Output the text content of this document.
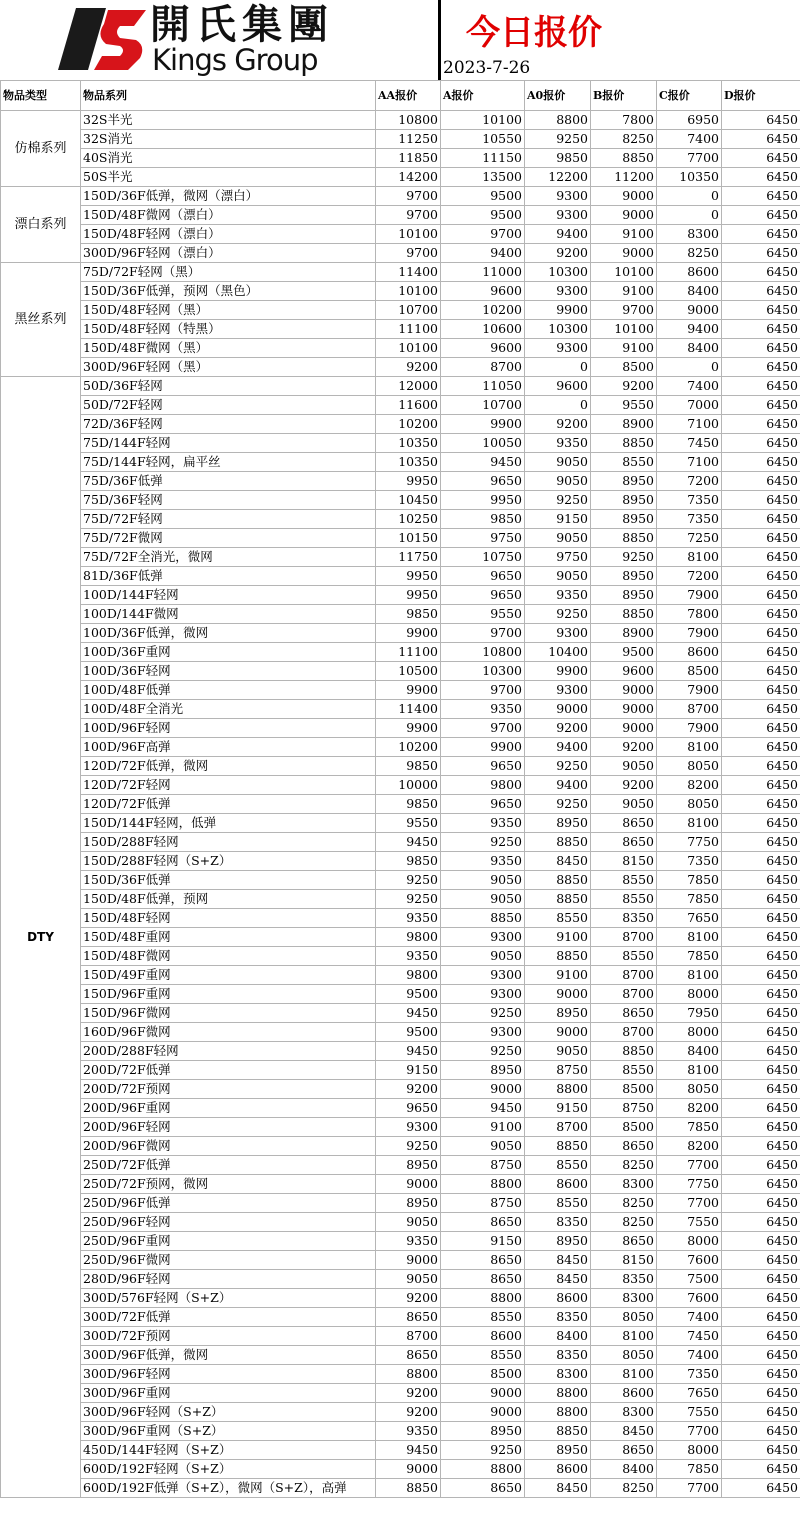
開氏集團
Kings Group
今日报价
2023-7-26
物品类型	物品系列	AA报价	A报价	A0报价	B报价	C报价	D报价
仿棉系列	32S半光	10800	10100	8800	7800	6950	6450
	32S消光	11250	10550	9250	8250	7400	6450
	40S消光	11850	11150	9850	8850	7700	6450
	50S半光	14200	13500	12200	11200	10350	6450
漂白系列	150D/36F低弹，微网（漂白）	9700	9500	9300	9000	0	6450
	150D/48F微网（漂白）	9700	9500	9300	9000	0	6450
	150D/48F轻网（漂白）	10100	9700	9400	9100	8300	6450
	300D/96F轻网（漂白）	9700	9400	9200	9000	8250	6450
黑丝系列	75D/72F轻网（黑）	11400	11000	10300	10100	8600	6450
	150D/36F低弹，预网（黑色）	10100	9600	9300	9100	8400	6450
	150D/48F轻网（黑）	10700	10200	9900	9700	9000	6450
	150D/48F轻网（特黑）	11100	10600	10300	10100	9400	6450
	150D/48F微网（黑）	10100	9600	9300	9100	8400	6450
	300D/96F轻网（黑）	9200	8700	0	8500	0	6450
DTY	50D/36F轻网	12000	11050	9600	9200	7400	6450
	50D/72F轻网	11600	10700	0	9550	7000	6450
	72D/36F轻网	10200	9900	9200	8900	7100	6450
	75D/144F轻网	10350	10050	9350	8850	7450	6450
	75D/144F轻网，扁平丝	10350	9450	9050	8550	7100	6450
	75D/36F低弹	9950	9650	9050	8950	7200	6450
	75D/36F轻网	10450	9950	9250	8950	7350	6450
	75D/72F轻网	10250	9850	9150	8950	7350	6450
	75D/72F微网	10150	9750	9050	8850	7250	6450
	75D/72F全消光，微网	11750	10750	9750	9250	8100	6450
	81D/36F低弹	9950	9650	9050	8950	7200	6450
	100D/144F轻网	9950	9650	9350	8950	7900	6450
	100D/144F微网	9850	9550	9250	8850	7800	6450
	100D/36F低弹，微网	9900	9700	9300	8900	7900	6450
	100D/36F重网	11100	10800	10400	9500	8600	6450
	100D/36F轻网	10500	10300	9900	9600	8500	6450
	100D/48F低弹	9900	9700	9300	9000	7900	6450
	100D/48F全消光	11400	9350	9000	9000	8700	6450
	100D/96F轻网	9900	9700	9200	9000	7900	6450
	100D/96F高弹	10200	9900	9400	9200	8100	6450
	120D/72F低弹，微网	9850	9650	9250	9050	8050	6450
	120D/72F轻网	10000	9800	9400	9200	8200	6450
	120D/72F低弹	9850	9650	9250	9050	8050	6450
	150D/144F轻网，低弹	9550	9350	8950	8650	8100	6450
	150D/288F轻网	9450	9250	8850	8650	7750	6450
	150D/288F轻网（S+Z）	9850	9350	8450	8150	7350	6450
	150D/36F低弹	9250	9050	8850	8550	7850	6450
	150D/48F低弹，预网	9250	9050	8850	8550	7850	6450
	150D/48F轻网	9350	8850	8550	8350	7650	6450
	150D/48F重网	9800	9300	9100	8700	8100	6450
	150D/48F微网	9350	9050	8850	8550	7850	6450
	150D/49F重网	9800	9300	9100	8700	8100	6450
	150D/96F重网	9500	9300	9000	8700	8000	6450
	150D/96F微网	9450	9250	8950	8650	7950	6450
	160D/96F微网	9500	9300	9000	8700	8000	6450
	200D/288F轻网	9450	9250	9050	8850	8400	6450
	200D/72F低弹	9150	8950	8750	8550	8100	6450
	200D/72F预网	9200	9000	8800	8500	8050	6450
	200D/96F重网	9650	9450	9150	8750	8200	6450
	200D/96F轻网	9300	9100	8700	8500	7850	6450
	200D/96F微网	9250	9050	8850	8650	8200	6450
	250D/72F低弹	8950	8750	8550	8250	7700	6450
	250D/72F预网，微网	9000	8800	8600	8300	7750	6450
	250D/96F低弹	8950	8750	8550	8250	7700	6450
	250D/96F轻网	9050	8650	8350	8250	7550	6450
	250D/96F重网	9350	9150	8950	8650	8000	6450
	250D/96F微网	9000	8650	8450	8150	7600	6450
	280D/96F轻网	9050	8650	8450	8350	7500	6450
	300D/576F轻网（S+Z）	9200	8800	8600	8300	7600	6450
	300D/72F低弹	8650	8550	8350	8050	7400	6450
	300D/72F预网	8700	8600	8400	8100	7450	6450
	300D/96F低弹，微网	8650	8550	8350	8050	7400	6450
	300D/96F轻网	8800	8500	8300	8100	7350	6450
	300D/96F重网	9200	9000	8800	8600	7650	6450
	300D/96F轻网（S+Z）	9200	9000	8800	8300	7550	6450
	300D/96F重网（S+Z）	9350	8950	8850	8450	7700	6450
	450D/144F轻网（S+Z）	9450	9250	8950	8650	8000	6450
	600D/192F轻网（S+Z）	9000	8800	8600	8400	7850	6450
	600D/192F低弹（S+Z），微网（S+Z），高弹	8850	8650	8450	8250	7700	6450
